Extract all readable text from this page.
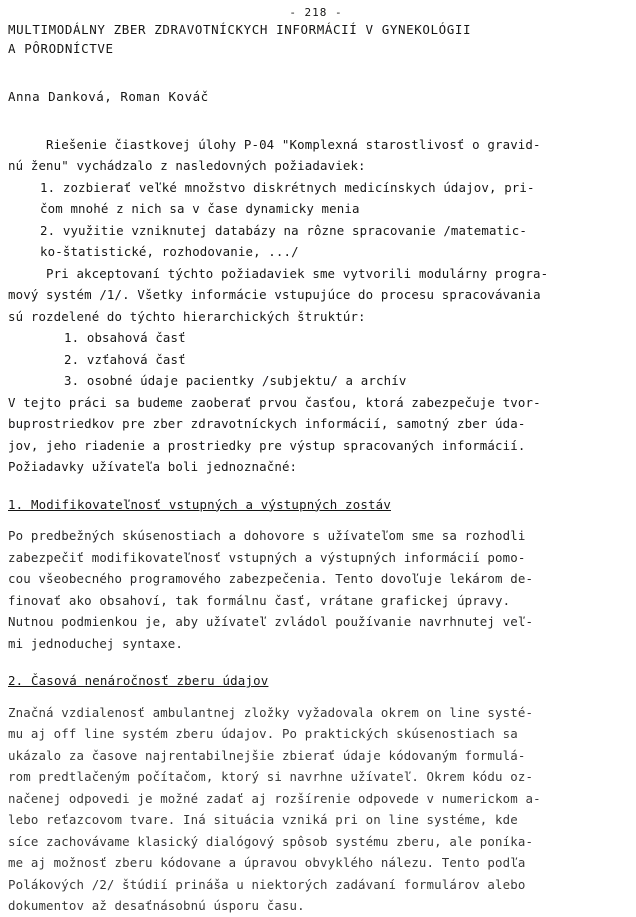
- 218 -
MULTIMODÁLNY ZBER ZDRAVOTNÍCKYCH INFORMÁCIÍ V GYNEKOLÓGII
A PÔRODNÍCTVE
Anna Danková, Roman Kováč
Riešenie čiastkovej úlohy P-04 "Komplexná starostlivosť o gravid-
nú ženu" vychádzalo z nasledovných požiadaviek:
1. zozbierať veľké množstvo diskrétnych medicínskych údajov, pri-
čom mnohé z nich sa v čase dynamicky menia
2. využitie vzniknutej databázy na rôzne spracovanie /matematic-
ko-štatistické, rozhodovanie, .../
Pri akceptovaní týchto požiadaviek sme vytvorili modulárny progra-
mový systém /1/. Všetky informácie vstupujúce do procesu spracovávania
sú rozdelené do týchto hierarchických štruktúr:
1. obsahová časť
2. vzťahová časť
3. osobné údaje pacientky /subjektu/ a archív
V tejto práci sa budeme zaoberať prvou časťou, ktorá zabezpečuje tvor-
buprostriedkov pre zber zdravotníckych informácií, samotný zber úda-
jov, jeho riadenie a prostriedky pre výstup spracovaných informácií.
Požiadavky užívateľa boli jednoznačné:
1. Modifikovateľnosť vstupných a výstupných zostáv
Po predbežných skúsenostiach a dohovore s užívateľom sme sa rozhodli
zabezpečiť modifikovateľnosť vstupných a výstupných informácií pomo-
cou všeobecného programového zabezpečenia. Tento dovoľuje lekárom de-
finovať ako obsahoví, tak formálnu časť, vrátane grafickej úpravy.
Nutnou podmienkou je, aby užívateľ zvládol používanie navrhnutej veľ-
mi jednoduchej syntaxe.
2. Časová nenáročnosť zberu údajov
Značná vzdialenosť ambulantnej zložky vyžadovala okrem on line systé-
mu aj off line systém zberu údajov. Po praktických skúsenostiach sa
ukázalo za časove najrentabilnejšie zbierať údaje kódovaným formulá-
rom predtlačeným počítačom, ktorý si navrhne užívateľ. Okrem kódu oz-
načenej odpovedi je možné zadať aj rozšírenie odpovede v numerickom a-
lebo reťazcovom tvare. Iná situácia vzniká pri on line systéme, kde
síce zachovávame klasický dialógový spôsob systému zberu, ale poníka-
me aj možnosť zberu kódovane a úpravou obvyklého nálezu. Tento podľa
Polákových /2/ štúdií prináša u niektorých zadávaní formulárov alebo
dokumentov až desaťnásobnú úsporu času.
